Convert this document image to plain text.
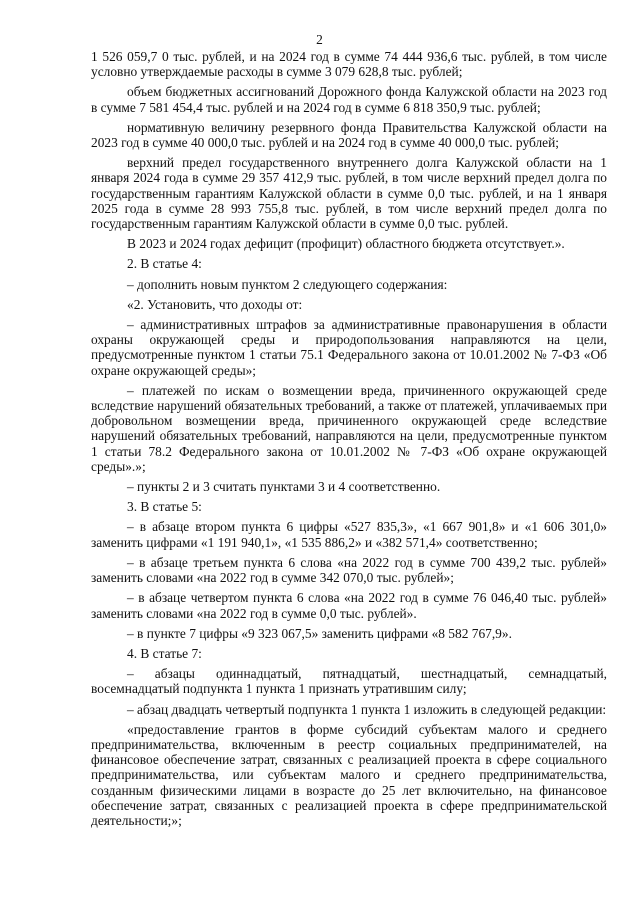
2

1 526 059,7 0 тыс. рублей, и на 2024 год в сумме 74 444 936,6 тыс. рублей, в том числе условно утверждаемые расходы в сумме 3 079 628,8 тыс. рублей;

объем бюджетных ассигнований Дорожного фонда Калужской области на 2023 год в сумме 7 581 454,4 тыс. рублей и на 2024 год в сумме 6 818 350,9 тыс. рублей;

нормативную величину резервного фонда Правительства Калужской области на 2023 год в сумме 40 000,0 тыс. рублей и на 2024 год в сумме 40 000,0 тыс. рублей;

верхний предел государственного внутреннего долга Калужской области на 1 января 2024 года в сумме 29 357 412,9 тыс. рублей, в том числе верхний предел долга по государственным гарантиям Калужской области в сумме 0,0 тыс. рублей, и на 1 января 2025 года в сумме 28 993 755,8 тыс. рублей, в том числе верхний предел долга по государственным гарантиям Калужской области в сумме 0,0 тыс. рублей.

В 2023 и 2024 годах дефицит (профицит) областного бюджета отсутствует.».

2. В статье 4:

– дополнить новым пунктом 2 следующего содержания:

«2. Установить, что доходы от:

– административных штрафов за административные правонарушения в области охраны окружающей среды и природопользования направляются на цели, предусмотренные пунктом 1 статьи 75.1 Федерального закона от 10.01.2002 № 7-ФЗ «Об охране окружающей среды»;

– платежей по искам о возмещении вреда, причиненного окружающей среде вследствие нарушений обязательных требований, а также от платежей, уплачиваемых при добровольном возмещении вреда, причиненного окружающей среде вследствие нарушений обязательных требований, направляются на цели, предусмотренные пунктом 1 статьи 78.2 Федерального закона от 10.01.2002 № 7-ФЗ «Об охране окружающей среды».»;

– пункты 2 и 3 считать пунктами 3 и 4 соответственно.

3. В статье 5:

– в абзаце втором пункта 6 цифры «527 835,3», «1 667 901,8» и «1 606 301,0» заменить цифрами «1 191 940,1», «1 535 886,2» и «382 571,4» соответственно;

– в абзаце третьем пункта 6 слова «на 2022 год в сумме 700 439,2 тыс. рублей» заменить словами «на 2022 год в сумме 342 070,0 тыс. рублей»;

– в абзаце четвертом пункта 6 слова «на 2022 год в сумме 76 046,40 тыс. рублей» заменить словами «на 2022 год в сумме 0,0 тыс. рублей».

– в пункте 7 цифры «9 323 067,5» заменить цифрами «8 582 767,9».

4. В статье 7:

– абзацы одиннадцатый, пятнадцатый, шестнадцатый, семнадцатый, восемнадцатый подпункта 1 пункта 1 признать утратившим силу;

– абзац двадцать четвертый подпункта 1 пункта 1 изложить в следующей редакции:

«предоставление грантов в форме субсидий субъектам малого и среднего предпринимательства, включенным в реестр социальных предпринимателей, на финансовое обеспечение затрат, связанных с реализацией проекта в сфере социального предпринимательства, или субъектам малого и среднего предпринимательства, созданным физическими лицами в возрасте до 25 лет включительно, на финансовое обеспечение затрат, связанных с реализацией проекта в сфере предпринимательской деятельности;»;
